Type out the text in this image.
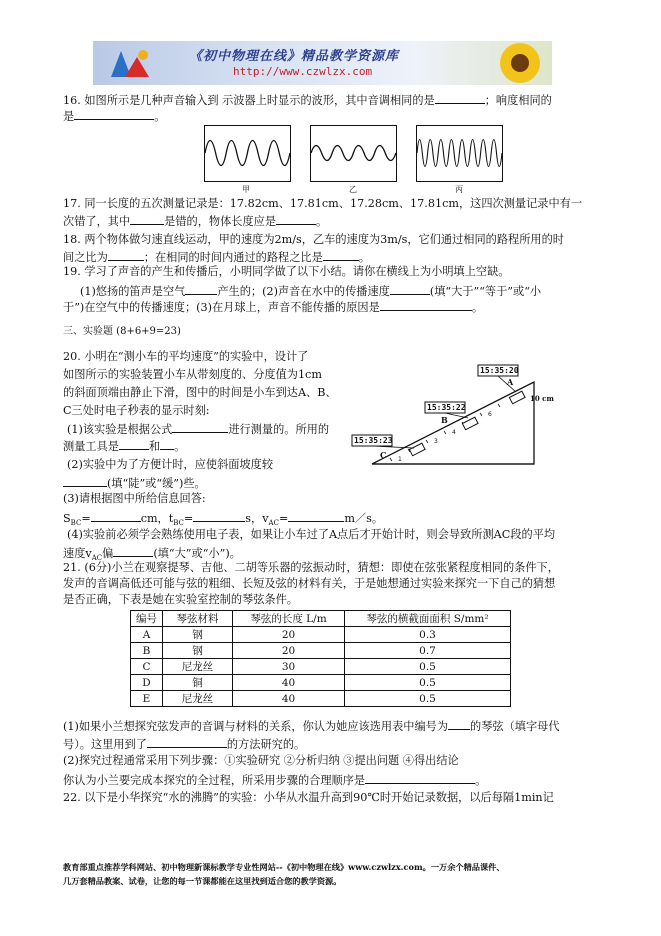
《初中物理在线》精品教学资源库
http://www.czwlzx.com
16. 如图所示是几种声音输入到 示波器上时显示的波形，其中音调相同的是	；响度相同的
是	。
甲	乙	丙
17. 同一长度的五次测量记录是：17.82cm、17.81cm、17.28cm、17.81cm，这四次测量记录中有一
次错了，其中	是错的，物体长度应是	。
18. 两个物体做匀速直线运动，甲的速度为2m/s，乙车的速度为3m/s，它们通过相同的路程所用的时
间之比为	；在相同的时间内通过的路程之比是	。
19. 学习了声音的产生和传播后，小明同学做了以下小结。请你在横线上为小明填上空缺。
(1)悠扬的笛声是空气	产生的；(2)声音在水中的传播速度	(填“大于”“等于”或“小
于”)在空气中的传播速度；(3)在月球上，声音不能传播的原因是	。
三、实验题 (8+6+9=23)
20. 小明在“测小车的平均速度”的实验中，设计了
如图所示的实验装置小车从带刻度的、分度值为1cm
的斜面顶端由静止下滑，图中的时间是小车到达A、B、
C三处时电子秒表的显示时刻:
(1)该实验是根据公式	进行测量的。所用的
测量工具是	和 。
(2)实验中为了方便计时，应使斜面坡度较
(填“陡”或“缓”)些。
(3)请根据图中所给信息回答:
$S_{BC}=$	cm，$t_{BC}=$	s，$v_{AC}=$	m／s。
(4)实验前必须学会熟练使用电子表，如果让小车过了A点后才开始计时，则会导致所测AC段的平均
速度$v_{AC}$偏	(填“大”或“小”)。
1
3
4
6
15:35:20
15:35:22
15:35:23
A
B
C
10 cm
21. (6分)小兰在观察提琴、吉他、二胡等乐器的弦振动时，猜想：即使在弦张紧程度相同的条件下，
发声的音调高低还可能与弦的粗细、长短及弦的材料有关，于是她想通过实验来探究一下自己的猜想
是否正确，下表是她在实验室控制的琴弦条件。
编号	琴弦材料	琴弦的长度 L/m	琴弦的横截面面积 S/mm²
A	钢	20	0.3
B	钢	20	0.7
C	尼龙丝	30	0.5
D	铜	40	0.5
E	尼龙丝	40	0.5
(1)如果小兰想探究弦发声的音调与材料的关系，你认为她应该选用表中编号为 的琴弦（填字母代
号）。这里用到了	的方法研究的。
(2)探究过程通常采用下列步骤：①实验研究 ②分析归纳 ③提出问题 ④得出结论
你认为小兰要完成本探究的全过程，所采用步骤的合理顺序是	。
22. 以下是小华探究“水的沸腾”的实验：小华从水温升高到90℃时开始记录数据，以后每隔1min记
教育部重点推荐学科网站、初中物理新课标教学专业性网站--《初中物理在线》www.czwlzx.com。一万余个精品课件、
几万套精品教案、试卷，让您的每一节课都能在这里找到适合您的教学资源。
